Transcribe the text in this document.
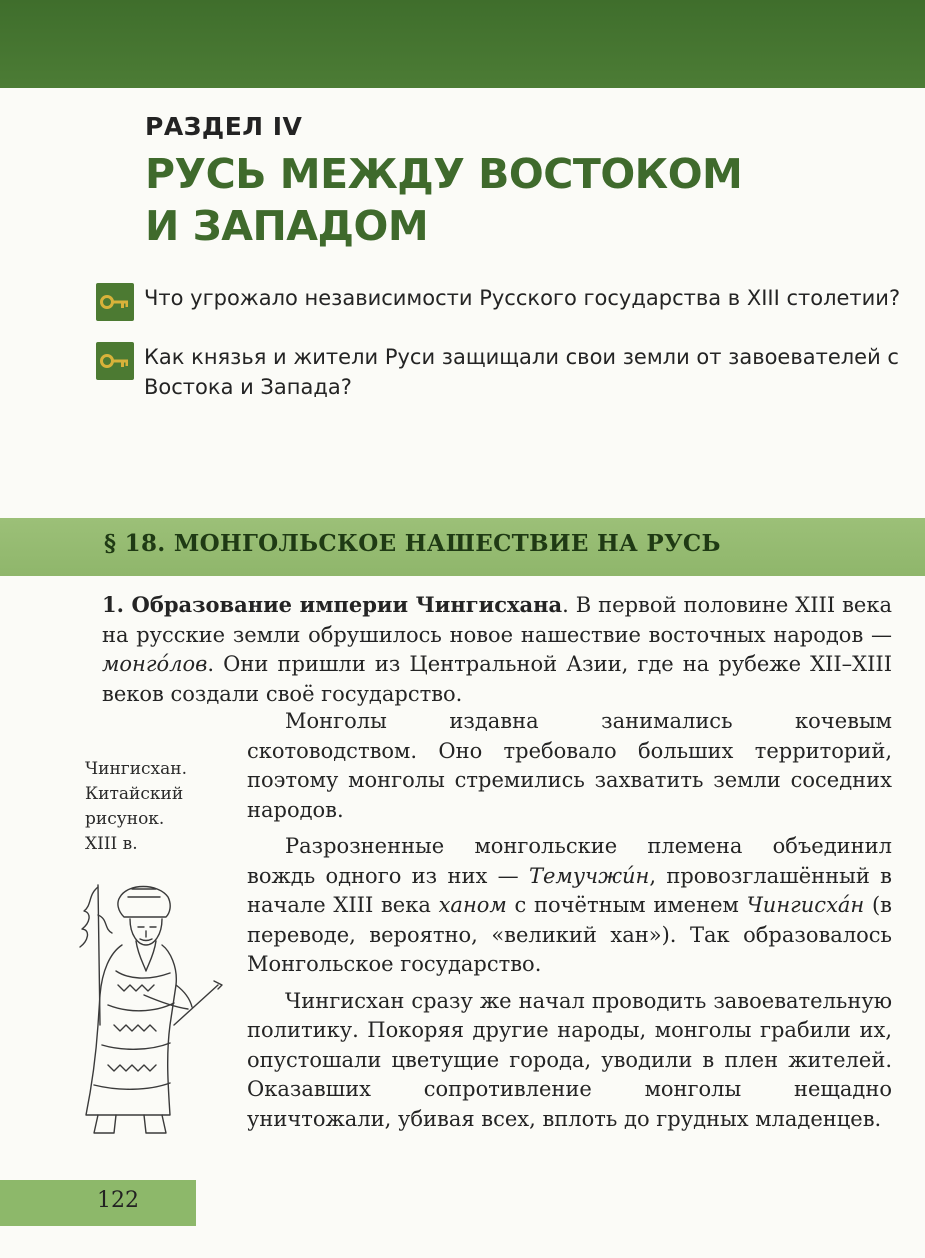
РАЗДЕЛ IV
РУСЬ МЕЖДУ ВОСТОКОМ
И ЗАПАДОМ
Что угрожало независимости Русского государства в XIII столетии?
Как князья и жители Руси защищали свои земли от завоевателей с Востока и Запада?
§ 18. МОНГОЛЬСКОЕ НАШЕСТВИЕ НА РУСЬ

1. Образование империи Чингисхана. В первой половине XIII века на русские земли обрушилось новое нашествие восточных народов — монго́лов. Они пришли из Центральной Азии, где на рубеже XII–XIII веков создали своё государство.

Чингисхан.
Китайский
рисунок.
XIII в.

Монголы издавна занимались кочевым скотоводством. Оно требовало больших территорий, поэтому монголы стремились захватить земли соседних народов.

Разрозненные монгольские племена объединил вождь одного из них — Темучжи́н, провозглашённый в начале XIII века ханом с почётным именем Чингисха́н (в переводе, вероятно, «великий хан»). Так образовалось Монгольское государство.

Чингисхан сразу же начал проводить завоевательную политику. Покоряя другие народы, монголы грабили их, опустошали цветущие города, уводили в плен жителей. Оказавших сопротивление монголы нещадно уничтожали, убивая всех, вплоть до грудных младенцев.

122
